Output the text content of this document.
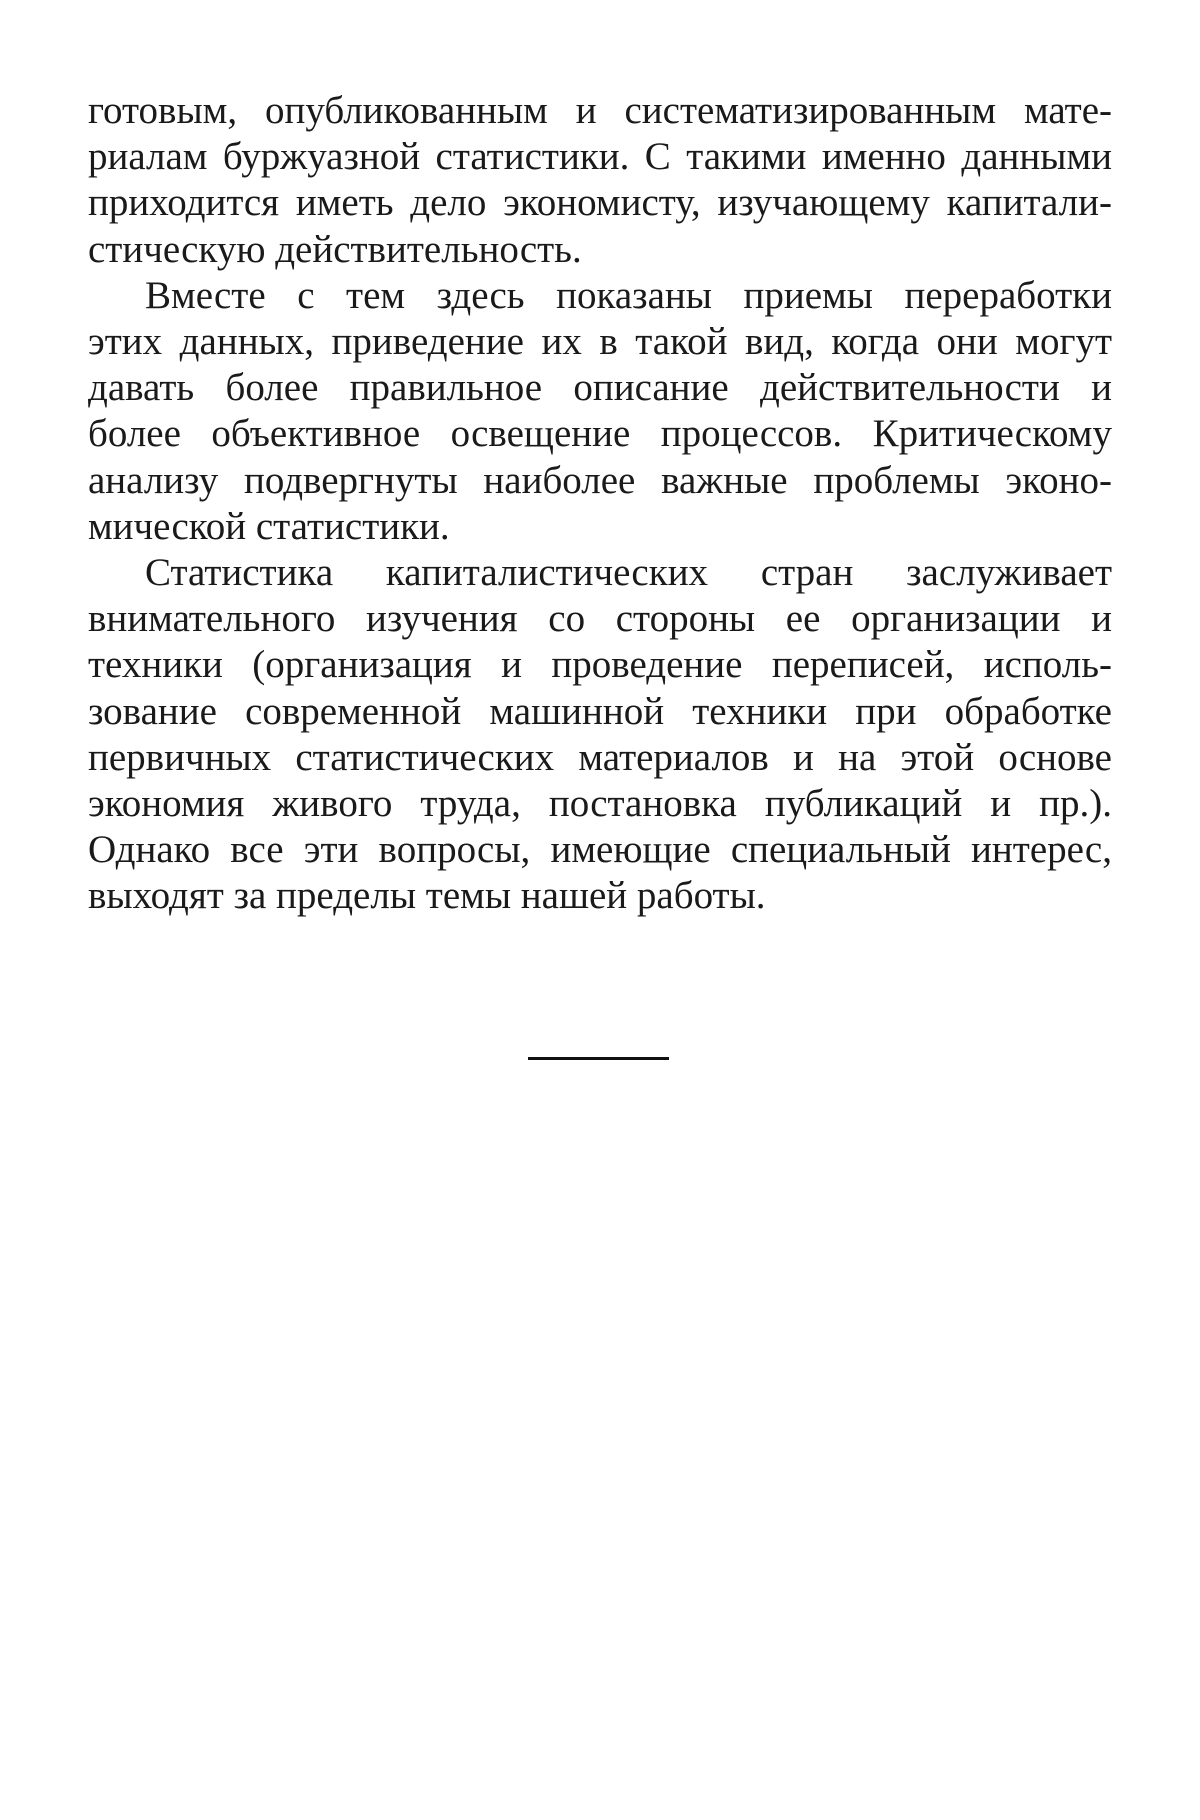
готовым, опубликованным и систематизированным мате-
риалам буржуазной статистики. С такими именно данными
приходится иметь дело экономисту, изучающему капитали-
стическую действительность.

Вместе с тем здесь показаны приемы переработки
этих данных, приведение их в такой вид, когда они могут
давать более правильное описание действительности и
более объективное освещение процессов. Критическому
анализу подвергнуты наиболее важные проблемы эконо-
мической статистики.

Статистика капиталистических стран заслуживает
внимательного изучения со стороны ее организации и
техники (организация и проведение переписей, исполь-
зование современной машинной техники при обработке
первичных статистических материалов и на этой основе
экономия живого труда, постановка публикаций и пр.).
Однако все эти вопросы, имеющие специальный интерес,
выходят за пределы темы нашей работы.
